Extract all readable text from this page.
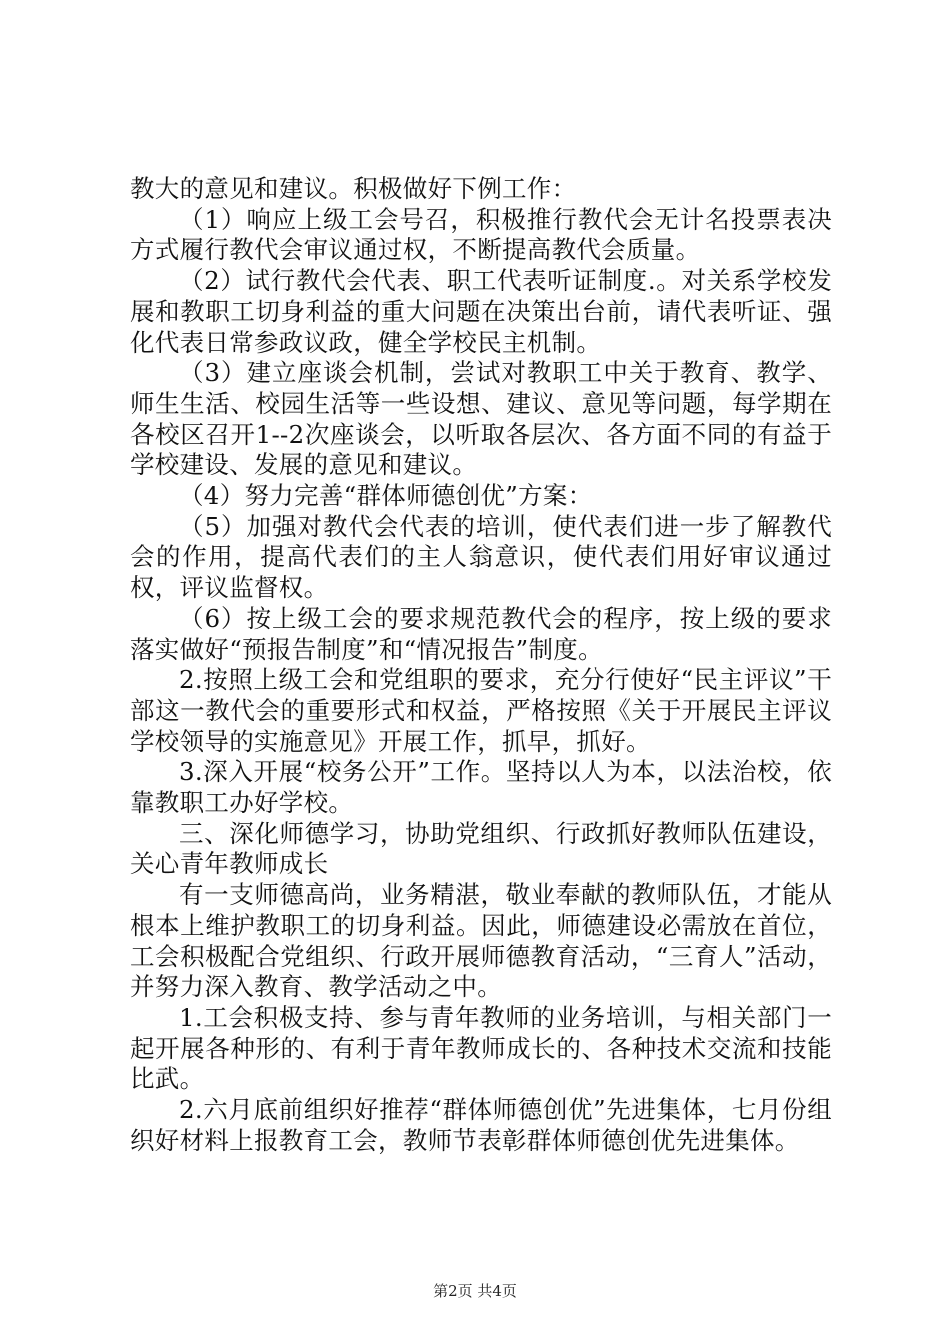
教大的意见和建议。积极做好下例工作：

（1）响应上级工会号召，积极推行教代会无计名投票表决方式履行教代会审议通过权，不断提高教代会质量。

（2）试行教代会代表、职工代表听证制度.。对关系学校发展和教职工切身利益的重大问题在决策出台前，请代表听证、强化代表日常参政议政，健全学校民主机制。

（3）建立座谈会机制，尝试对教职工中关于教育、教学、师生生活、校园生活等一些设想、建议、意见等问题，每学期在各校区召开1--2次座谈会，以听取各层次、各方面不同的有益于学校建设、发展的意见和建议。

（4）努力完善“群体师德创优”方案：

（5）加强对教代会代表的培训，使代表们进一步了解教代会的作用，提高代表们的主人翁意识，使代表们用好审议通过权，评议监督权。

（6）按上级工会的要求规范教代会的程序，按上级的要求落实做好“预报告制度”和“情况报告”制度。

2.按照上级工会和党组职的要求，充分行使好“民主评议”干部这一教代会的重要形式和权益，严格按照《关于开展民主评议学校领导的实施意见》开展工作，抓早，抓好。

3.深入开展“校务公开”工作。坚持以人为本，以法治校，依靠教职工办好学校。

三、深化师德学习，协助党组织、行政抓好教师队伍建设，关心青年教师成长

有一支师德高尚，业务精湛，敬业奉献的教师队伍，才能从根本上维护教职工的切身利益。因此，师德建设必需放在首位，工会积极配合党组织、行政开展师德教育活动，“三育人”活动，并努力深入教育、教学活动之中。

1.工会积极支持、参与青年教师的业务培训，与相关部门一起开展各种形的、有利于青年教师成长的、各种技术交流和技能比武。

2.六月底前组织好推荐“群体师德创优”先进集体，七月份组织好材料上报教育工会，教师节表彰群体师德创优先进集体。

第2页 共4页
